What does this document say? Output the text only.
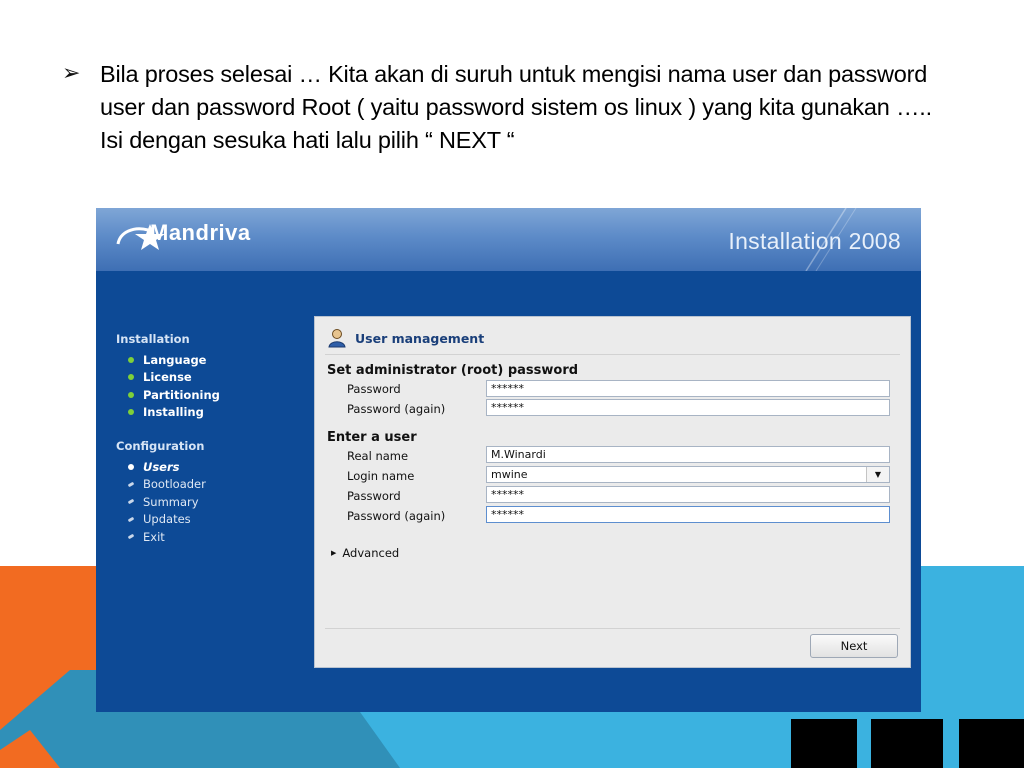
➢ Bila proses selesai … Kita akan di suruh untuk mengisi nama user dan password user dan password Root ( yaitu password sistem os linux ) yang kita gunakan ….. Isi dengan sesuka hati lalu pilih “ NEXT “
Mandriva	Installation 2008
Installation
Language
License
Partitioning
Installing
Configuration
Users
Bootloader
Summary
Updates
Exit
User management
Set administrator (root) password
Password	******
Password (again)	******
Enter a user
Real name	M.Winardi
Login name	mwine	▼
Password	******
Password (again)	******
▶ Advanced
Next
